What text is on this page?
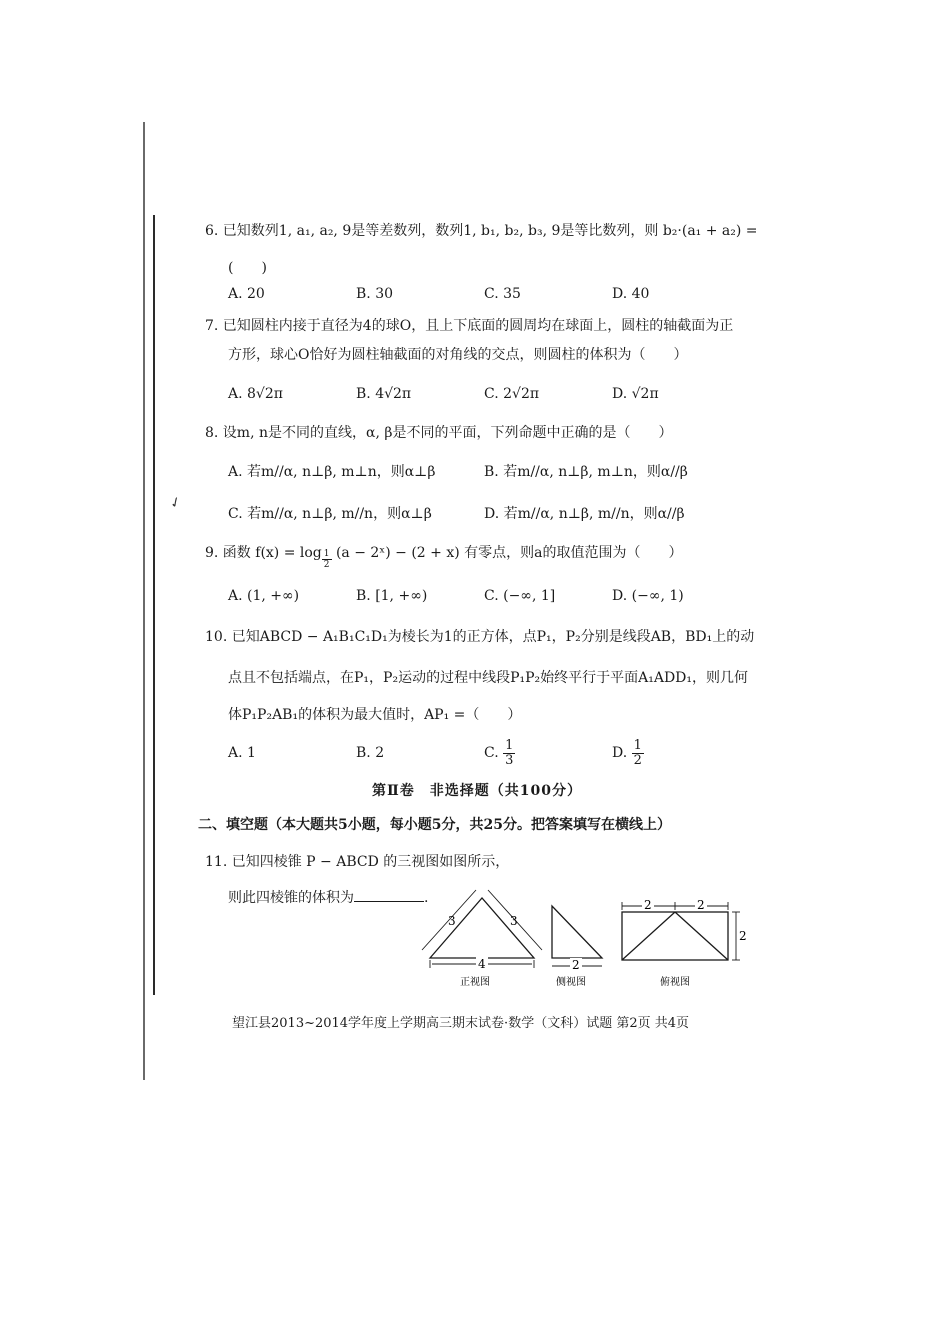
✓
6. 已知数列1, a₁, a₂, 9是等差数列，数列1, b₁, b₂, b₃, 9是等比数列，则 b₂·(a₁ + a₂) =
(　　)
A. 20	B. 30	C. 35	D. 40
7. 已知圆柱内接于直径为4的球O，且上下底面的圆周均在球面上，圆柱的轴截面为正
方形，球心O恰好为圆柱轴截面的对角线的交点，则圆柱的体积为（　　）
A. 8√2π	B. 4√2π	C. 2√2π	D. √2π
8. 设m, n是不同的直线，α, β是不同的平面，下列命题中正确的是（　　）
A. 若m//α, n⊥β, m⊥n，则α⊥β	B. 若m//α, n⊥β, m⊥n，则α//β
C. 若m//α, n⊥β, m//n，则α⊥β	D. 若m//α, n⊥β, m//n，则α//β
9. 函数 $f(x) = \log \frac{1}{2} (a$ − 2ˣ) − (2 + x) 有零点，则a的取值范围为（　　）
A. (1, +∞)	B. [1, +∞)	C. (−∞, 1]	D. (−∞, 1)
10. 已知ABCD − A₁B₁C₁D₁为棱长为1的正方体，点P₁，P₂分别是线段AB，BD₁上的动
点且不包括端点，在P₁，P₂运动的过程中线段P₁P₂始终平行于平面A₁ADD₁，则几何
体P₁P₂AB₁的体积为最大值时，AP₁ =（　　）
A. 1	B. 2	C. $\frac{1}{3}$	D. $\frac{1}{2}$
第Ⅱ卷　非选择题（共100分）
二、填空题（本大题共5小题，每小题5分，共25分。把答案填写在横线上）
11. 已知四棱锥 P − ABCD 的三视图如图所示，
则此四棱锥的体积为	.
3	3
4
正视图
2
侧视图
2	2
2
俯视图
望江县2013~2014学年度上学期高三期末试卷·数学（文科）试题 第2页 共4页
